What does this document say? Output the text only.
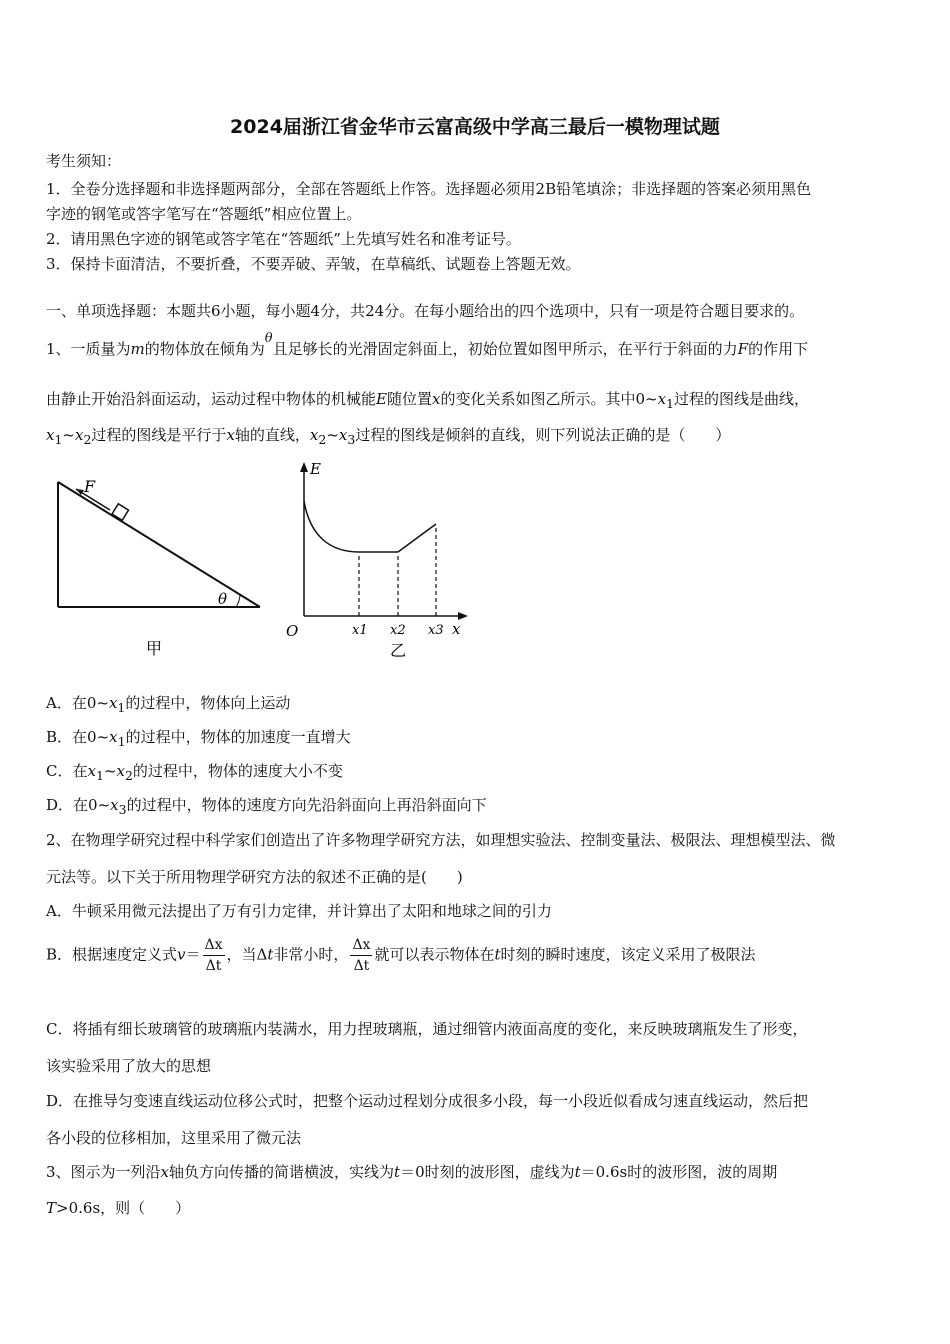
2024届浙江省金华市云富高级中学高三最后一模物理试题
考生须知：
1．全卷分选择题和非选择题两部分，全部在答题纸上作答。选择题必须用2B铅笔填涂；非选择题的答案必须用黑色
字迹的钢笔或答字笔写在“答题纸”相应位置上。
2．请用黑色字迹的钢笔或答字笔在“答题纸”上先填写姓名和准考证号。
3．保持卡面清洁，不要折叠，不要弄破、弄皱，在草稿纸、试题卷上答题无效。
一、单项选择题：本题共6小题，每小题4分，共24分。在每小题给出的四个选项中，只有一项是符合题目要求的。
1、一质量为m的物体放在倾角为θ且足够长的光滑固定斜面上，初始位置如图甲所示，在平行于斜面的力F的作用下
由静止开始沿斜面运动，运动过程中物体的机械能E随位置x的变化关系如图乙所示。其中$0\sim x_1$过程的图线是曲线，
$x_1\sim x_2$过程的图线是平行于x轴的直线，$x_2\sim x_3$过程的图线是倾斜的直线，则下列说法正确的是（　　）
F
θ
甲
E
O	x
x1 x2 x3
乙
A．在$0\sim x_1$的过程中，物体向上运动
B．在$0\sim x_1$的过程中，物体的加速度一直增大
C．在$x_1\sim x_2$的过程中，物体的速度大小不变
D．在$0\sim x_3$的过程中，物体的速度方向先沿斜面向上再沿斜面向下
2、在物理学研究过程中科学家们创造出了许多物理学研究方法，如理想实验法、控制变量法、极限法、理想模型法、微
元法等。以下关于所用物理学研究方法的叙述不正确的是(　　)
A．牛顿采用微元法提出了万有引力定律，并计算出了太阳和地球之间的引力
B．根据速度定义式$v= \frac{\Delta x}{\Delta t}$ ，当Δt非常小时， $\frac{\Delta x}{\Delta t}$ 就可以表示物体在t时刻的瞬时速度，该定义采用了极限法
C．将插有细长玻璃管的玻璃瓶内装满水，用力捏玻璃瓶，通过细管内液面高度的变化，来反映玻璃瓶发生了形变，
该实验采用了放大的思想
D．在推导匀变速直线运动位移公式时，把整个运动过程划分成很多小段，每一小段近似看成匀速直线运动，然后把
各小段的位移相加，这里采用了微元法
3、图示为一列沿x轴负方向传播的简谐横波，实线为t＝0时刻的波形图，虚线为t＝0.6s时的波形图，波的周期
T>0.6s，则（　　）
